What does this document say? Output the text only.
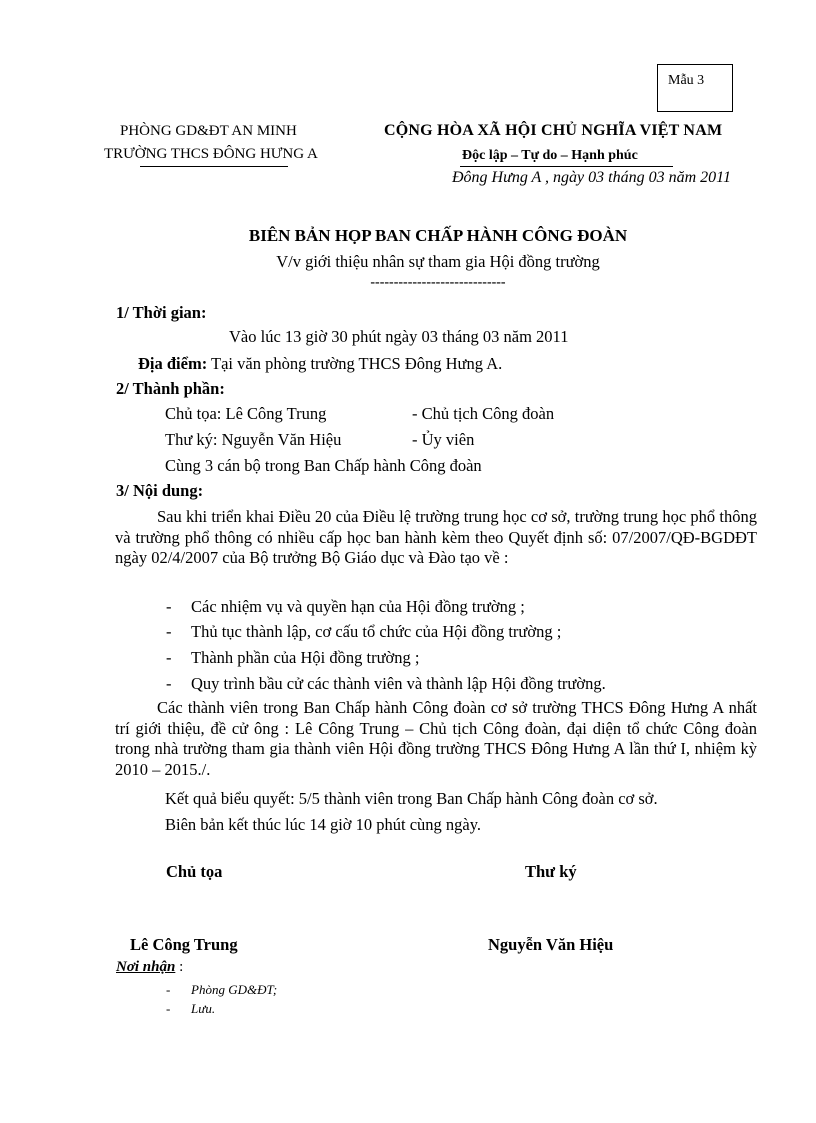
Mẫu 3
PHÒNG GD&ĐT AN MINH
TRƯỜNG THCS ĐÔNG HƯNG A
CỘNG HÒA XÃ HỘI CHỦ NGHĨA VIỆT NAM
Độc lập – Tự do – Hạnh phúc
Đông Hưng A , ngày 03 tháng 03 năm 2011
BIÊN BẢN HỌP BAN CHẤP HÀNH CÔNG ĐOÀN
V/v giới thiệu nhân sự tham gia Hội đồng trường
-----------------------------
1/ Thời gian:
Vào lúc 13 giờ 30 phút ngày 03 tháng 03 năm 2011
Địa điểm: Tại văn phòng trường THCS Đông Hưng A.
2/ Thành phần:
Chủ tọa: Lê Công Trung	- Chủ tịch Công đoàn
Thư ký: Nguyễn Văn Hiệu	- Ủy viên
Cùng 3 cán bộ trong Ban Chấp hành Công đoàn
3/ Nội dung:
Sau khi triển khai Điều 20 của Điều lệ trường trung học cơ sở, trường trung học phổ thông và trường phổ thông có nhiều cấp học ban hành kèm theo Quyết định số: 07/2007/QĐ-BGDĐT ngày 02/4/2007 của Bộ trưởng Bộ Giáo dục và Đào tạo về :
- Các nhiệm vụ và quyền hạn của Hội đồng trường ;
- Thủ tục thành lập, cơ cấu tổ chức của Hội đồng trường ;
- Thành phần của Hội đồng trường ;
- Quy trình bầu cử các thành viên và thành lập Hội đồng trường.
Các thành viên trong Ban Chấp hành Công đoàn cơ sở trường THCS Đông Hưng A nhất trí giới thiệu, đề cử ông : Lê Công Trung – Chủ tịch Công đoàn, đại diện tổ chức Công đoàn trong nhà trường tham gia thành viên Hội đồng trường THCS Đông Hưng A lần thứ I, nhiệm kỳ 2010 – 2015./.
Kết quả biểu quyết: 5/5 thành viên trong Ban Chấp hành Công đoàn cơ sở.
Biên bản kết thúc lúc 14 giờ 10 phút cùng ngày.
Chủ tọa	Thư ký
Lê Công Trung	Nguyễn Văn Hiệu
Nơi nhận :
- Phòng GD&ĐT;
- Lưu.
